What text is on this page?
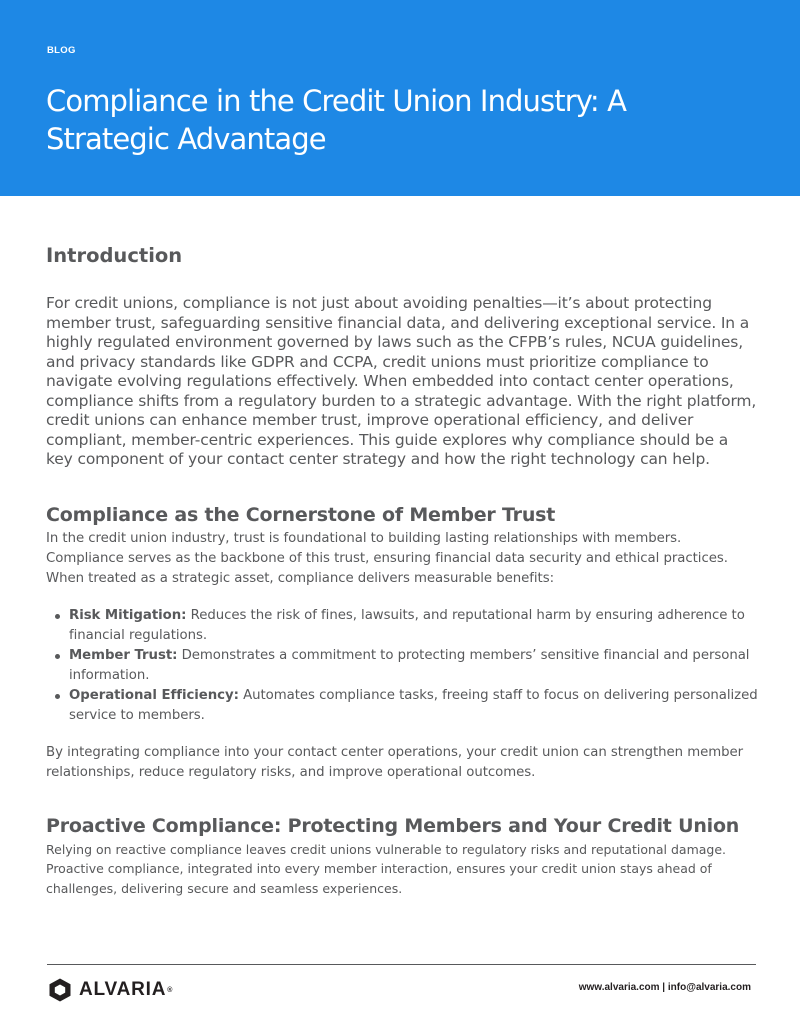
BLOG

Compliance in the Credit Union Industry: A Strategic Advantage
Introduction

For credit unions, compliance is not just about avoiding penalties—it’s about protecting member trust, safeguarding sensitive financial data, and delivering exceptional service. In a highly regulated environment governed by laws such as the CFPB’s rules, NCUA guidelines, and privacy standards like GDPR and CCPA, credit unions must prioritize compliance to navigate evolving regulations effectively. When embedded into contact center operations, compliance shifts from a regulatory burden to a strategic advantage. With the right platform, credit unions can enhance member trust, improve operational efficiency, and deliver compliant, member-centric experiences. This guide explores why compliance should be a key component of your contact center strategy and how the right technology can help.

Compliance as the Cornerstone of Member Trust

In the credit union industry, trust is foundational to building lasting relationships with members. Compliance serves as the backbone of this trust, ensuring financial data security and ethical practices. When treated as a strategic asset, compliance delivers measurable benefits:

Risk Mitigation: Reduces the risk of fines, lawsuits, and reputational harm by ensuring adherence to financial regulations.
Member Trust: Demonstrates a commitment to protecting members’ sensitive financial and personal information.
Operational Efficiency: Automates compliance tasks, freeing staff to focus on delivering personalized service to members.

By integrating compliance into your contact center operations, your credit union can strengthen member relationships, reduce regulatory risks, and improve operational outcomes.

Proactive Compliance: Protecting Members and Your Credit Union

Relying on reactive compliance leaves credit unions vulnerable to regulatory risks and reputational damage. Proactive compliance, integrated into every member interaction, ensures your credit union stays ahead of challenges, delivering secure and seamless experiences.

ALVARIA ®	www.alvaria.com | info@alvaria.com
